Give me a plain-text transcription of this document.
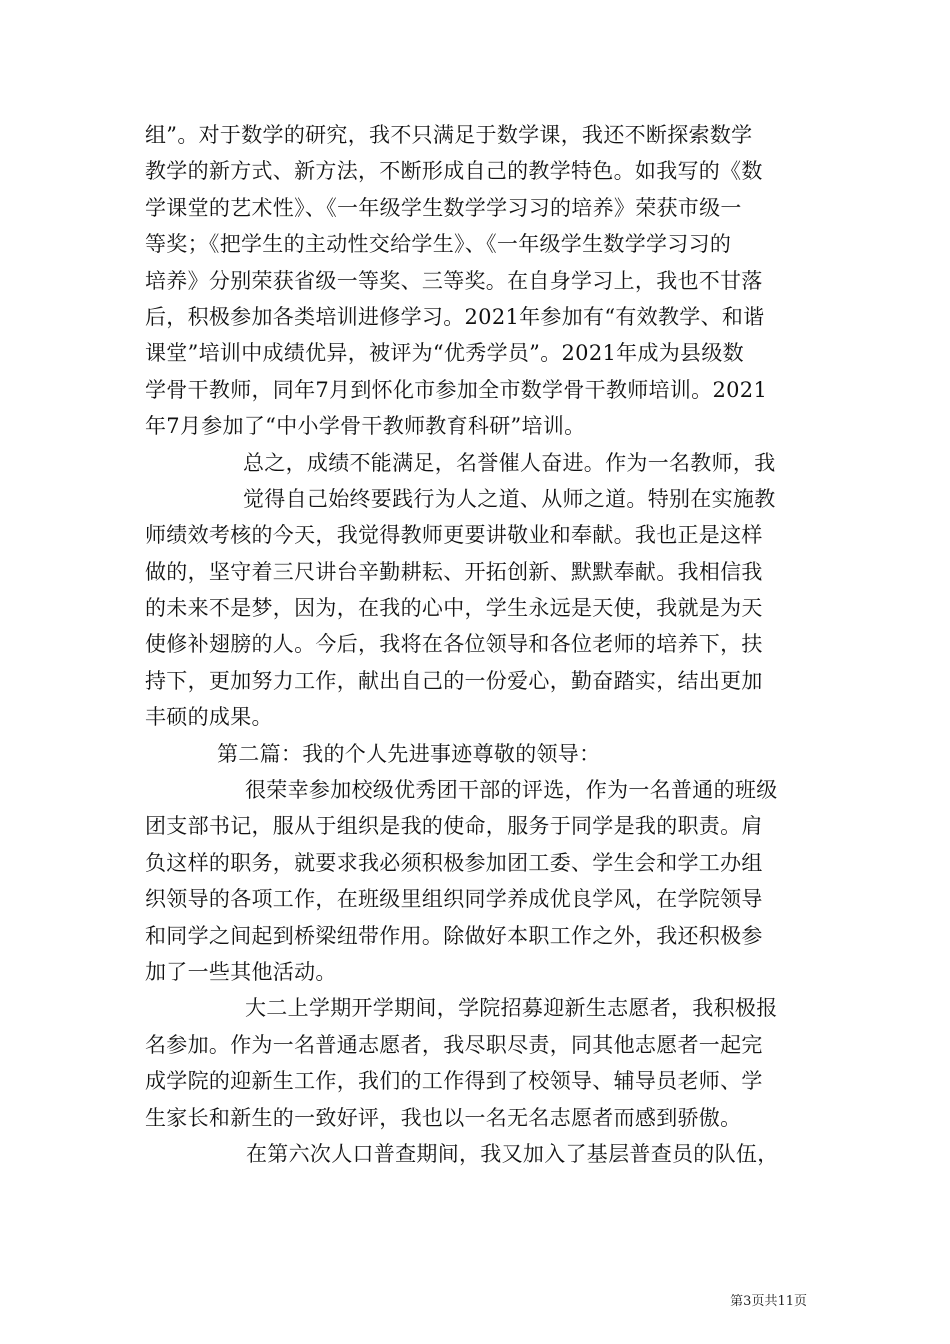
组”。对于数学的研究，我不只满足于数学课，我还不断探索数学
教学的新方式、新方法，不断形成自己的教学特色。如我写的《数
学课堂的艺术性》、《一年级学生数学学习习的培养》荣获市级一
等奖；《把学生的主动性交给学生》、《一年级学生数学学习习的
培养》分别荣获省级一等奖、三等奖。在自身学习上，我也不甘落
后，积极参加各类培训进修学习。2021年参加有“有效教学、和谐
课堂”培训中成绩优异，被评为“优秀学员”。2021年成为县级数
学骨干教师，同年7月到怀化市参加全市数学骨干教师培训。2021
年7月参加了“中小学骨干教师教育科研”培训。
总之，成绩不能满足，名誉催人奋进。作为一名教师，我
觉得自己始终要践行为人之道、从师之道。特别在实施教
师绩效考核的今天，我觉得教师更要讲敬业和奉献。我也正是这样
做的，坚守着三尺讲台辛勤耕耘、开拓创新、默默奉献。我相信我
的未来不是梦，因为，在我的心中，学生永远是天使，我就是为天
使修补翅膀的人。今后，我将在各位领导和各位老师的培养下，扶
持下，更加努力工作，献出自己的一份爱心，勤奋踏实，结出更加
丰硕的成果。
第二篇：我的个人先进事迹尊敬的领导：
很荣幸参加校级优秀团干部的评选，作为一名普通的班级
团支部书记，服从于组织是我的使命，服务于同学是我的职责。肩
负这样的职务，就要求我必须积极参加团工委、学生会和学工办组
织领导的各项工作，在班级里组织同学养成优良学风，在学院领导
和同学之间起到桥梁纽带作用。除做好本职工作之外，我还积极参
加了一些其他活动。
大二上学期开学期间，学院招募迎新生志愿者，我积极报
名参加。作为一名普通志愿者，我尽职尽责，同其他志愿者一起完
成学院的迎新生工作，我们的工作得到了校领导、辅导员老师、学
生家长和新生的一致好评，我也以一名无名志愿者而感到骄傲。
在第六次人口普查期间，我又加入了基层普查员的队伍，
第3页共11页
